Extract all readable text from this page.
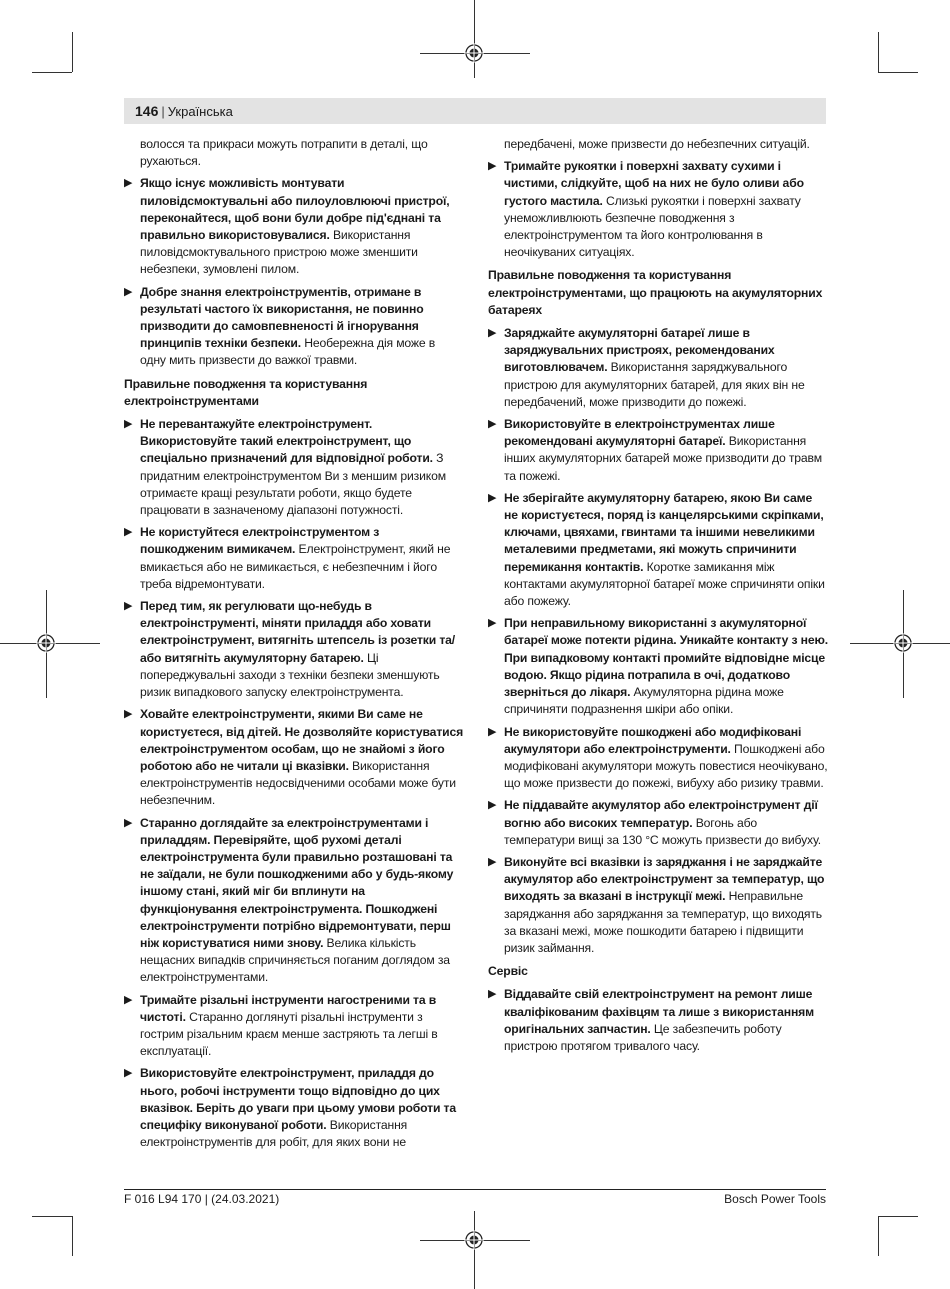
146 | Українська
волосся та прикраси можуть потрапити в деталі, що рухаються.
▶ Якщо існує можливість монтувати пиловідсмоктувальні або пилоуловлюючі пристрої, переконайтеся, щоб вони були добре під'єднані та правильно використовувалися. Використання пиловідсмоктувального пристрою може зменшити небезпеки, зумовлені пилом.
▶ Добре знання електроінструментів, отримане в результаті частого їх використання, не повинно призводити до самовпевненості й ігнорування принципів техніки безпеки. Необережна дія може в одну мить призвести до важкої травми.
Правильне поводження та користування електроінструментами
▶ Не перевантажуйте електроінструмент. Використовуйте такий електроінструмент, що спеціально призначений для відповідної роботи. З придатним електроінструментом Ви з меншим ризиком отримаєте кращі результати роботи, якщо будете працювати в зазначеному діапазоні потужності.
▶ Не користуйтеся електроінструментом з пошкодженим вимикачем. Електроінструмент, який не вмикається або не вимикається, є небезпечним і його треба відремонтувати.
▶ Перед тим, як регулювати що-небудь в електроінструменті, міняти приладдя або ховати електроінструмент, витягніть штепсель із розетки та/або витягніть акумуляторну батарею. Ці попереджувальні заходи з техніки безпеки зменшують ризик випадкового запуску електроінструмента.
▶ Ховайте електроінструменти, якими Ви саме не користуєтеся, від дітей. Не дозволяйте користуватися електроінструментом особам, що не знайомі з його роботою або не читали ці вказівки. Використання електроінструментів недосвідченими особами може бути небезпечним.
▶ Старанно доглядайте за електроінструментами і приладдям. Перевіряйте, щоб рухомі деталі електроінструмента були правильно розташовані та не заїдали, не були пошкодженими або у будь-якому іншому стані, який міг би вплинути на функціонування електроінструмента. Пошкоджені електроінструменти потрібно відремонтувати, перш ніж користуватися ними знову. Велика кількість нещасних випадків спричиняється поганим доглядом за електроінструментами.
▶ Тримайте різальні інструменти нагостреними та в чистоті. Старанно доглянуті різальні інструменти з гострим різальним краєм менше застряють та легші в експлуатації.
▶ Використовуйте електроінструмент, приладдя до нього, робочі інструменти тощо відповідно до цих вказівок. Беріть до уваги при цьому умови роботи та специфіку виконуваної роботи. Використання електроінструментів для робіт, для яких вони не
передбачені, може призвести до небезпечних ситуацій.
▶ Тримайте рукоятки і поверхні захвату сухими і чистими, слідкуйте, щоб на них не було оливи або густого мастила. Слизькі рукоятки і поверхні захвату унеможливлюють безпечне поводження з електроінструментом та його контролювання в неочікуваних ситуаціях.
Правильне поводження та користування електроінструментами, що працюють на акумуляторних батареях
▶ Заряджайте акумуляторні батареї лише в заряджувальних пристроях, рекомендованих виготовлювачем. Використання заряджувального пристрою для акумуляторних батарей, для яких він не передбачений, може призводити до пожежі.
▶ Використовуйте в електроінструментах лише рекомендовані акумуляторні батареї. Використання інших акумуляторних батарей може призводити до травм та пожежі.
▶ Не зберігайте акумуляторну батарею, якою Ви саме не користуєтеся, поряд із канцелярськими скріпками, ключами, цвяхами, гвинтами та іншими невеликими металевими предметами, які можуть спричинити перемикання контактів. Коротке замикання між контактами акумуляторної батареї може спричиняти опіки або пожежу.
▶ При неправильному використанні з акумуляторної батареї може потекти рідина. Уникайте контакту з нею. При випадковому контакті промийте відповідне місце водою. Якщо рідина потрапила в очі, додатково зверніться до лікаря. Акумуляторна рідина може спричиняти подразнення шкіри або опіки.
▶ Не використовуйте пошкоджені або модифіковані акумулятори або електроінструменти. Пошкоджені або модифіковані акумулятори можуть повестися неочікувано, що може призвести до пожежі, вибуху або ризику травми.
▶ Не піддавайте акумулятор або електроінструмент дії вогню або високих температур. Вогонь або температури вищі за 130 °C можуть призвести до вибуху.
▶ Виконуйте всі вказівки із заряджання і не заряджайте акумулятор або електроінструмент за температур, що виходять за вказані в інструкції межі. Неправильне заряджання або заряджання за температур, що виходять за вказані межі, може пошкодити батарею і підвищити ризик займання.
Сервіс
▶ Віддавайте свій електроінструмент на ремонт лише кваліфікованим фахівцям та лише з використанням оригінальних запчастин. Це забезпечить роботу пристрою протягом тривалого часу.
F 016 L94 170 | (24.03.2021)	Bosch Power Tools
